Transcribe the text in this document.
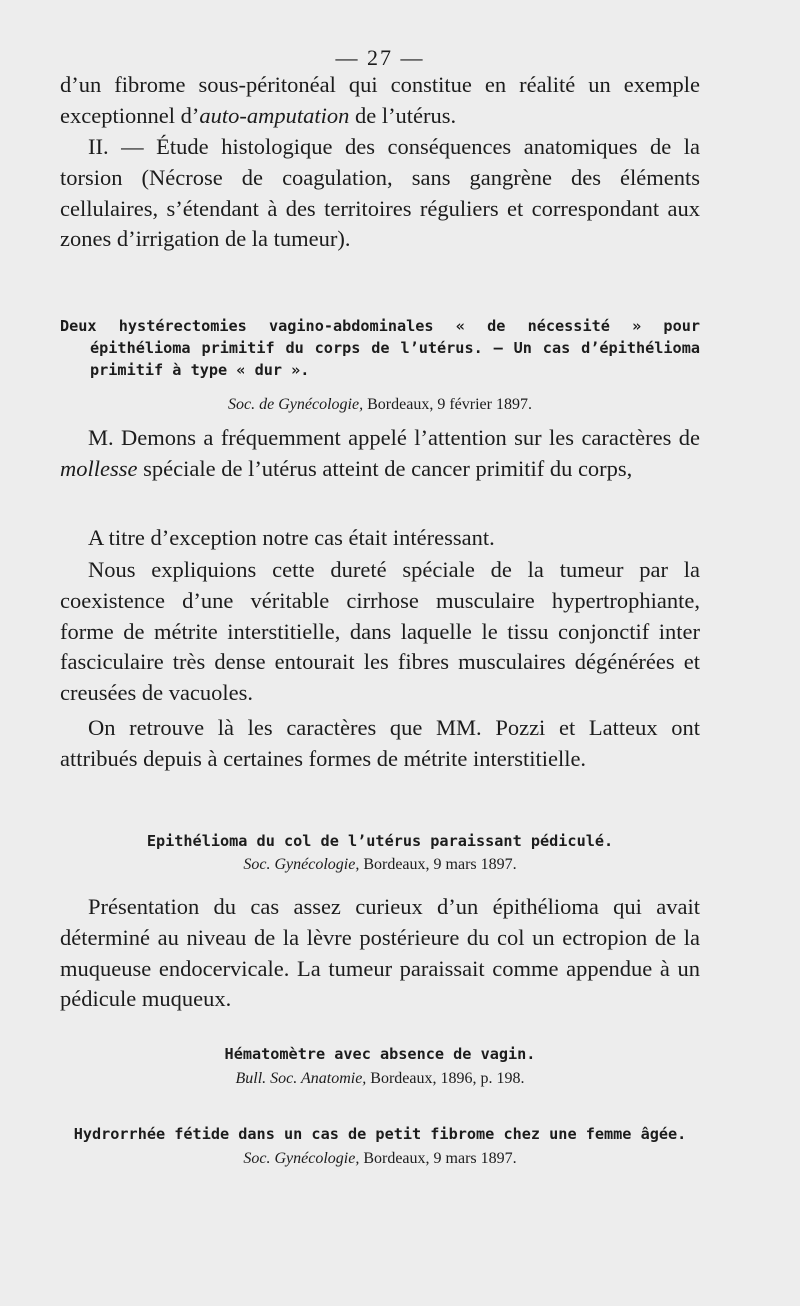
— 27 —

d’un fibrome sous-péritonéal qui constitue en réalité un exemple exceptionnel d’auto-amputation de l’utérus.

II. — Étude histologique des conséquences anatomiques de la torsion (Nécrose de coagulation, sans gangrène des éléments cellulaires, s’étendant à des territoires réguliers et correspondant aux zones d’irrigation de la tumeur).

Deux hystérectomies vagino-abdominales « de nécessité » pour épithélioma primitif du corps de l’utérus. — Un cas d’épithélioma primitif à type « dur ».
Soc. de Gynécologie, Bordeaux, 9 février 1897.

M. Demons a fréquemment appelé l’attention sur les caractères de mollesse spéciale de l’utérus atteint de cancer primitif du corps,

A titre d’exception notre cas était intéressant.

Nous expliquions cette dureté spéciale de la tumeur par la coexistence d’une véritable cirrhose musculaire hypertrophiante, forme de métrite interstitielle, dans laquelle le tissu conjonctif inter fasciculaire très dense entourait les fibres musculaires dégénérées et creusées de vacuoles.

On retrouve là les caractères que MM. Pozzi et Latteux ont attribués depuis à certaines formes de métrite interstitielle.

Epithélioma du col de l’utérus paraissant pédiculé.
Soc. Gynécologie, Bordeaux, 9 mars 1897.

Présentation du cas assez curieux d’un épithélioma qui avait déterminé au niveau de la lèvre postérieure du col un ectropion de la muqueuse endocervicale. La tumeur paraissait comme appendue à un pédicule muqueux.

Hématomètre avec absence de vagin.
Bull. Soc. Anatomie, Bordeaux, 1896, p. 198.
Hydrorrhée fétide dans un cas de petit fibrome chez une femme âgée.
Soc. Gynécologie, Bordeaux, 9 mars 1897.
